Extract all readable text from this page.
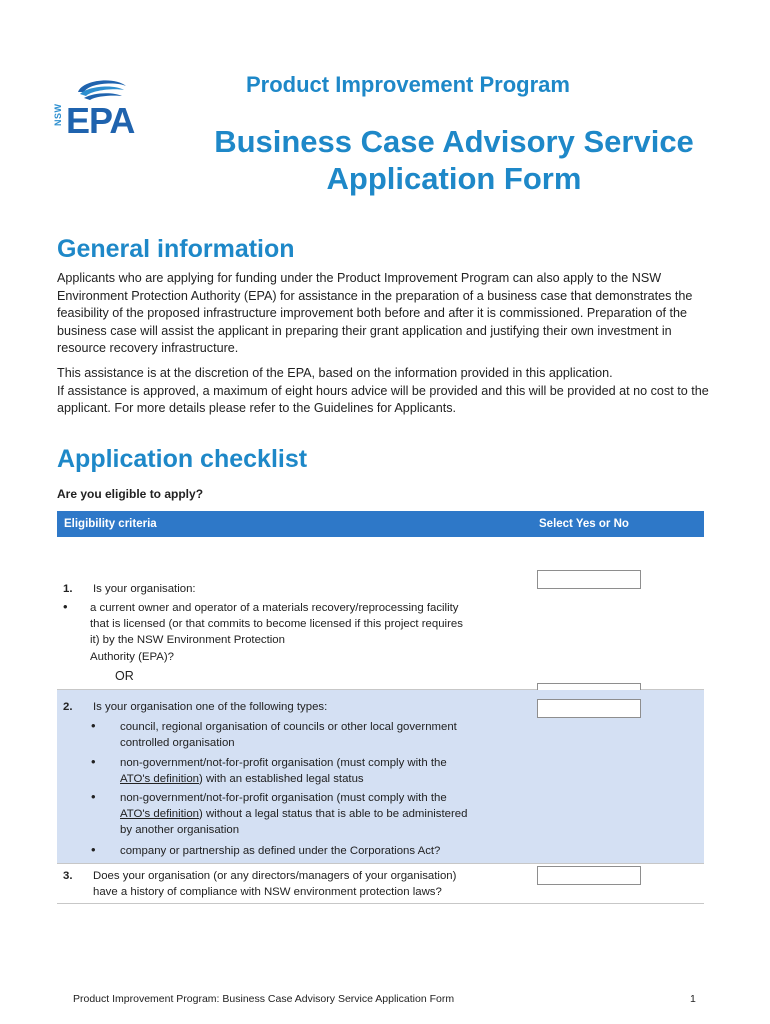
NSW EPA
Product Improvement Program
Business Case Advisory Service
Application Form
General information

Applicants who are applying for funding under the Product Improvement Program can also apply to the NSW Environment Protection Authority (EPA) for assistance in the preparation of a business case that demonstrates the feasibility of the proposed infrastructure improvement both before and after it is commissioned. Preparation of the business case will assist the applicant in preparing their grant application and justifying their own investment in resource recovery infrastructure.

This assistance is at the discretion of the EPA, based on the information provided in this application.
If assistance is approved, a maximum of eight hours advice will be provided and this will be provided at no cost to the applicant. For more details please refer to the Guidelines for Applicants.
Application checklist
Are you eligible to apply?
Eligibility criteria	Select Yes or No
1. Is your organisation:
• a current owner and operator of a materials recovery/reprocessing facility
that is licensed (or that commits to become licensed if this project requires
it) by the NSW Environment Protection
Authority (EPA)?
OR
2. Is your organisation one of the following types:
• council, regional organisation of councils or other local government
controlled organisation
• non-government/not-for-profit organisation (must comply with the
ATO's definition) with an established legal status
• non-government/not-for-profit organisation (must comply with the
ATO's definition) without a legal status that is able to be administered
by another organisation
• company or partnership as defined under the Corporations Act?
3. Does your organisation (or any directors/managers of your organisation)
have a history of compliance with NSW environment protection laws?
Product Improvement Program: Business Case Advisory Service Application Form	1
